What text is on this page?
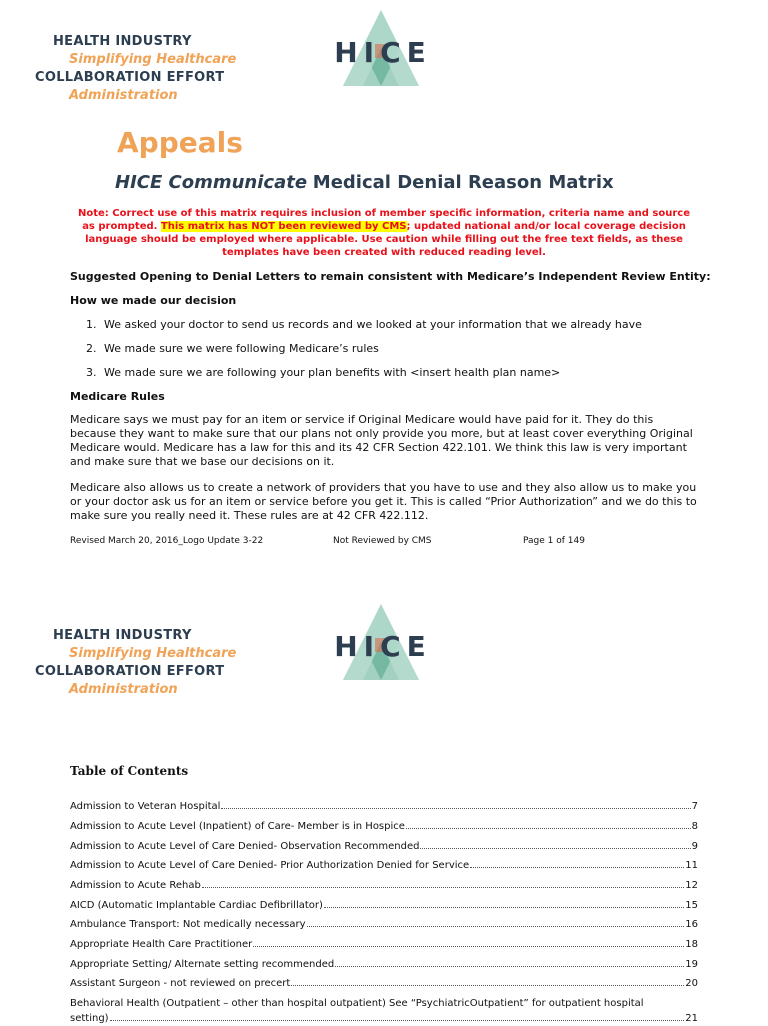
HEALTH INDUSTRY
Simplifying Healthcare
COLLABORATION EFFORT
Administration
HICE
Appeals
HICE Communicate Medical Denial Reason Matrix
Note: Correct use of this matrix requires inclusion of member specific information, criteria name and source as prompted. This matrix has NOT been reviewed by CMS; updated national and/or local coverage decision language should be employed where applicable. Use caution while filling out the free text fields, as these templates have been created with reduced reading level.
Suggested Opening to Denial Letters to remain consistent with Medicare’s Independent Review Entity:
How we made our decision
1. We asked your doctor to send us records and we looked at your information that we already have
2. We made sure we were following Medicare’s rules
3. We made sure we are following your plan benefits with <insert health plan name>
Medicare Rules
Medicare says we must pay for an item or service if Original Medicare would have paid for it. They do this because they want to make sure that our plans not only provide you more, but at least cover everything Original Medicare would. Medicare has a law for this and its 42 CFR Section 422.101. We think this law is very important and make sure that we base our decisions on it.
Medicare also allows us to create a network of providers that you have to use and they also allow us to make you or your doctor ask us for an item or service before you get it. This is called “Prior Authorization” and we do this to make sure you really need it. These rules are at 42 CFR 422.112.
Revised March 20, 2016_Logo Update 3-22	Not Reviewed by CMS	Page 1 of 149
HEALTH INDUSTRY
Simplifying Healthcare
COLLABORATION EFFORT
Administration
HICE
Table of Contents
Admission to Veteran Hospital	7
Admission to Acute Level (Inpatient) of Care- Member is in Hospice	8
Admission to Acute Level of Care Denied- Observation Recommended	9
Admission to Acute Level of Care Denied- Prior Authorization Denied for Service	11
Admission to Acute Rehab	12
AICD (Automatic Implantable Cardiac Defibrillator)	15
Ambulance Transport: Not medically necessary	16
Appropriate Health Care Practitioner	18
Appropriate Setting/ Alternate setting recommended	19
Assistant Surgeon - not reviewed on precert	20
Behavioral Health (Outpatient – other than hospital outpatient) See “PsychiatricOutpatient” for outpatient hospital
setting)	21
